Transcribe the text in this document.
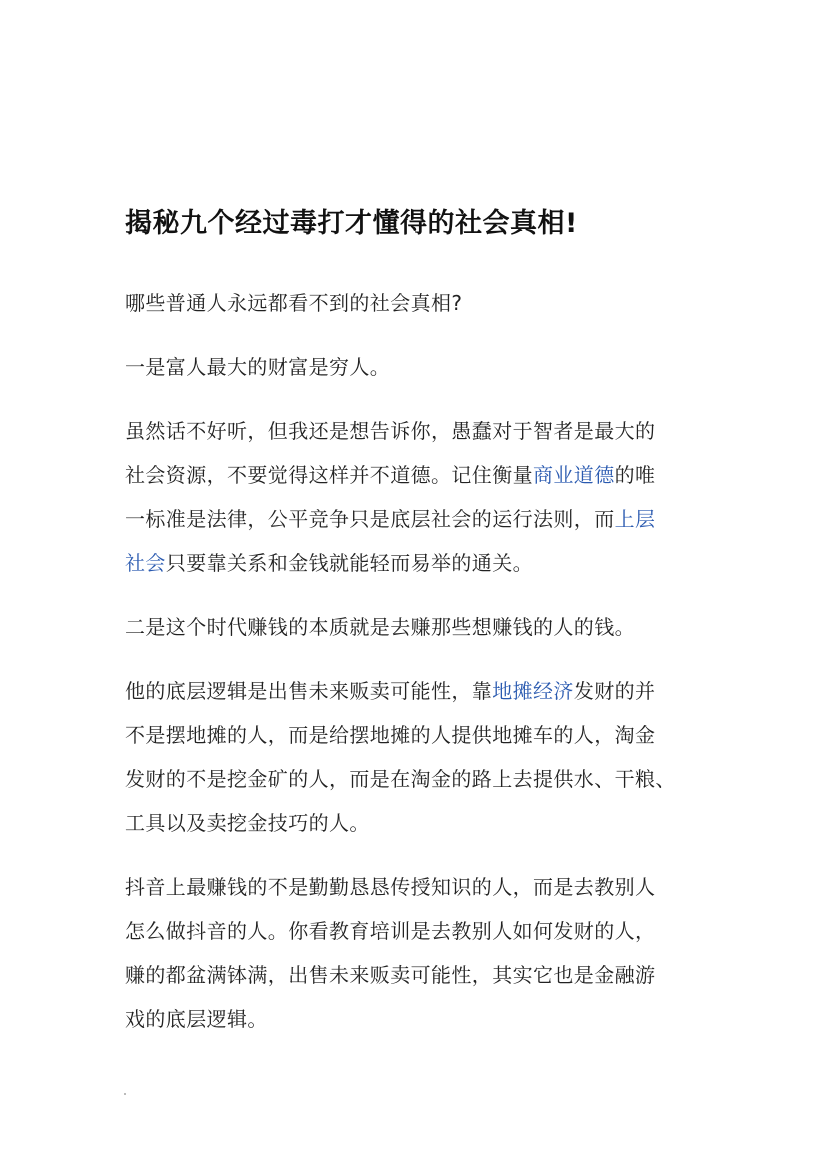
揭秘九个经过毒打才懂得的社会真相!

哪些普通人永远都看不到的社会真相?

一是富人最大的财富是穷人。

虽然话不好听，但我还是想告诉你，愚蠢对于智者是最大的
社会资源，不要觉得这样并不道德。记住衡量商业道德的唯
一标准是法律，公平竞争只是底层社会的运行法则，而上层
社会只要靠关系和金钱就能轻而易举的通关。

二是这个时代赚钱的本质就是去赚那些想赚钱的人的钱。

他的底层逻辑是出售未来贩卖可能性，靠地摊经济发财的并
不是摆地摊的人，而是给摆地摊的人提供地摊车的人，淘金
发财的不是挖金矿的人，而是在淘金的路上去提供水、干粮、
工具以及卖挖金技巧的人。

抖音上最赚钱的不是勤勤恳恳传授知识的人，而是去教别人
怎么做抖音的人。你看教育培训是去教别人如何发财的人，
赚的都盆满钵满，出售未来贩卖可能性，其实它也是金融游
戏的底层逻辑。
